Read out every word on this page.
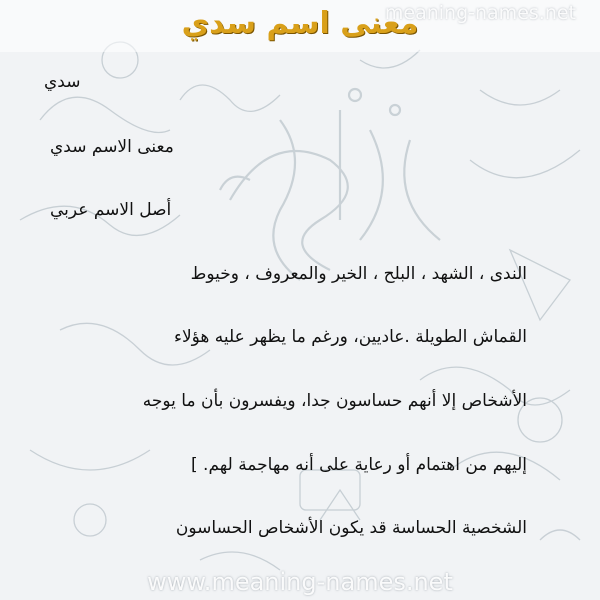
معنى اسم سدي
meaning-names.net
سدي
معنى الاسم سدي
أصل الاسم عربي
الندى ، الشهد ، البلح ، الخير والمعروف ، وخيوط
القماش الطويلة .عاديين، ورغم ما يظهر عليه هؤلاء
الأشخاص إلا أنهم حساسون جدا، ويفسرون بأن ما يوجه
إليهم من اهتمام أو رعاية على أنه مهاجمة لهم. ]
الشخصية الحساسة قد يكون الأشخاص الحساسون
www.meaning-names.net
